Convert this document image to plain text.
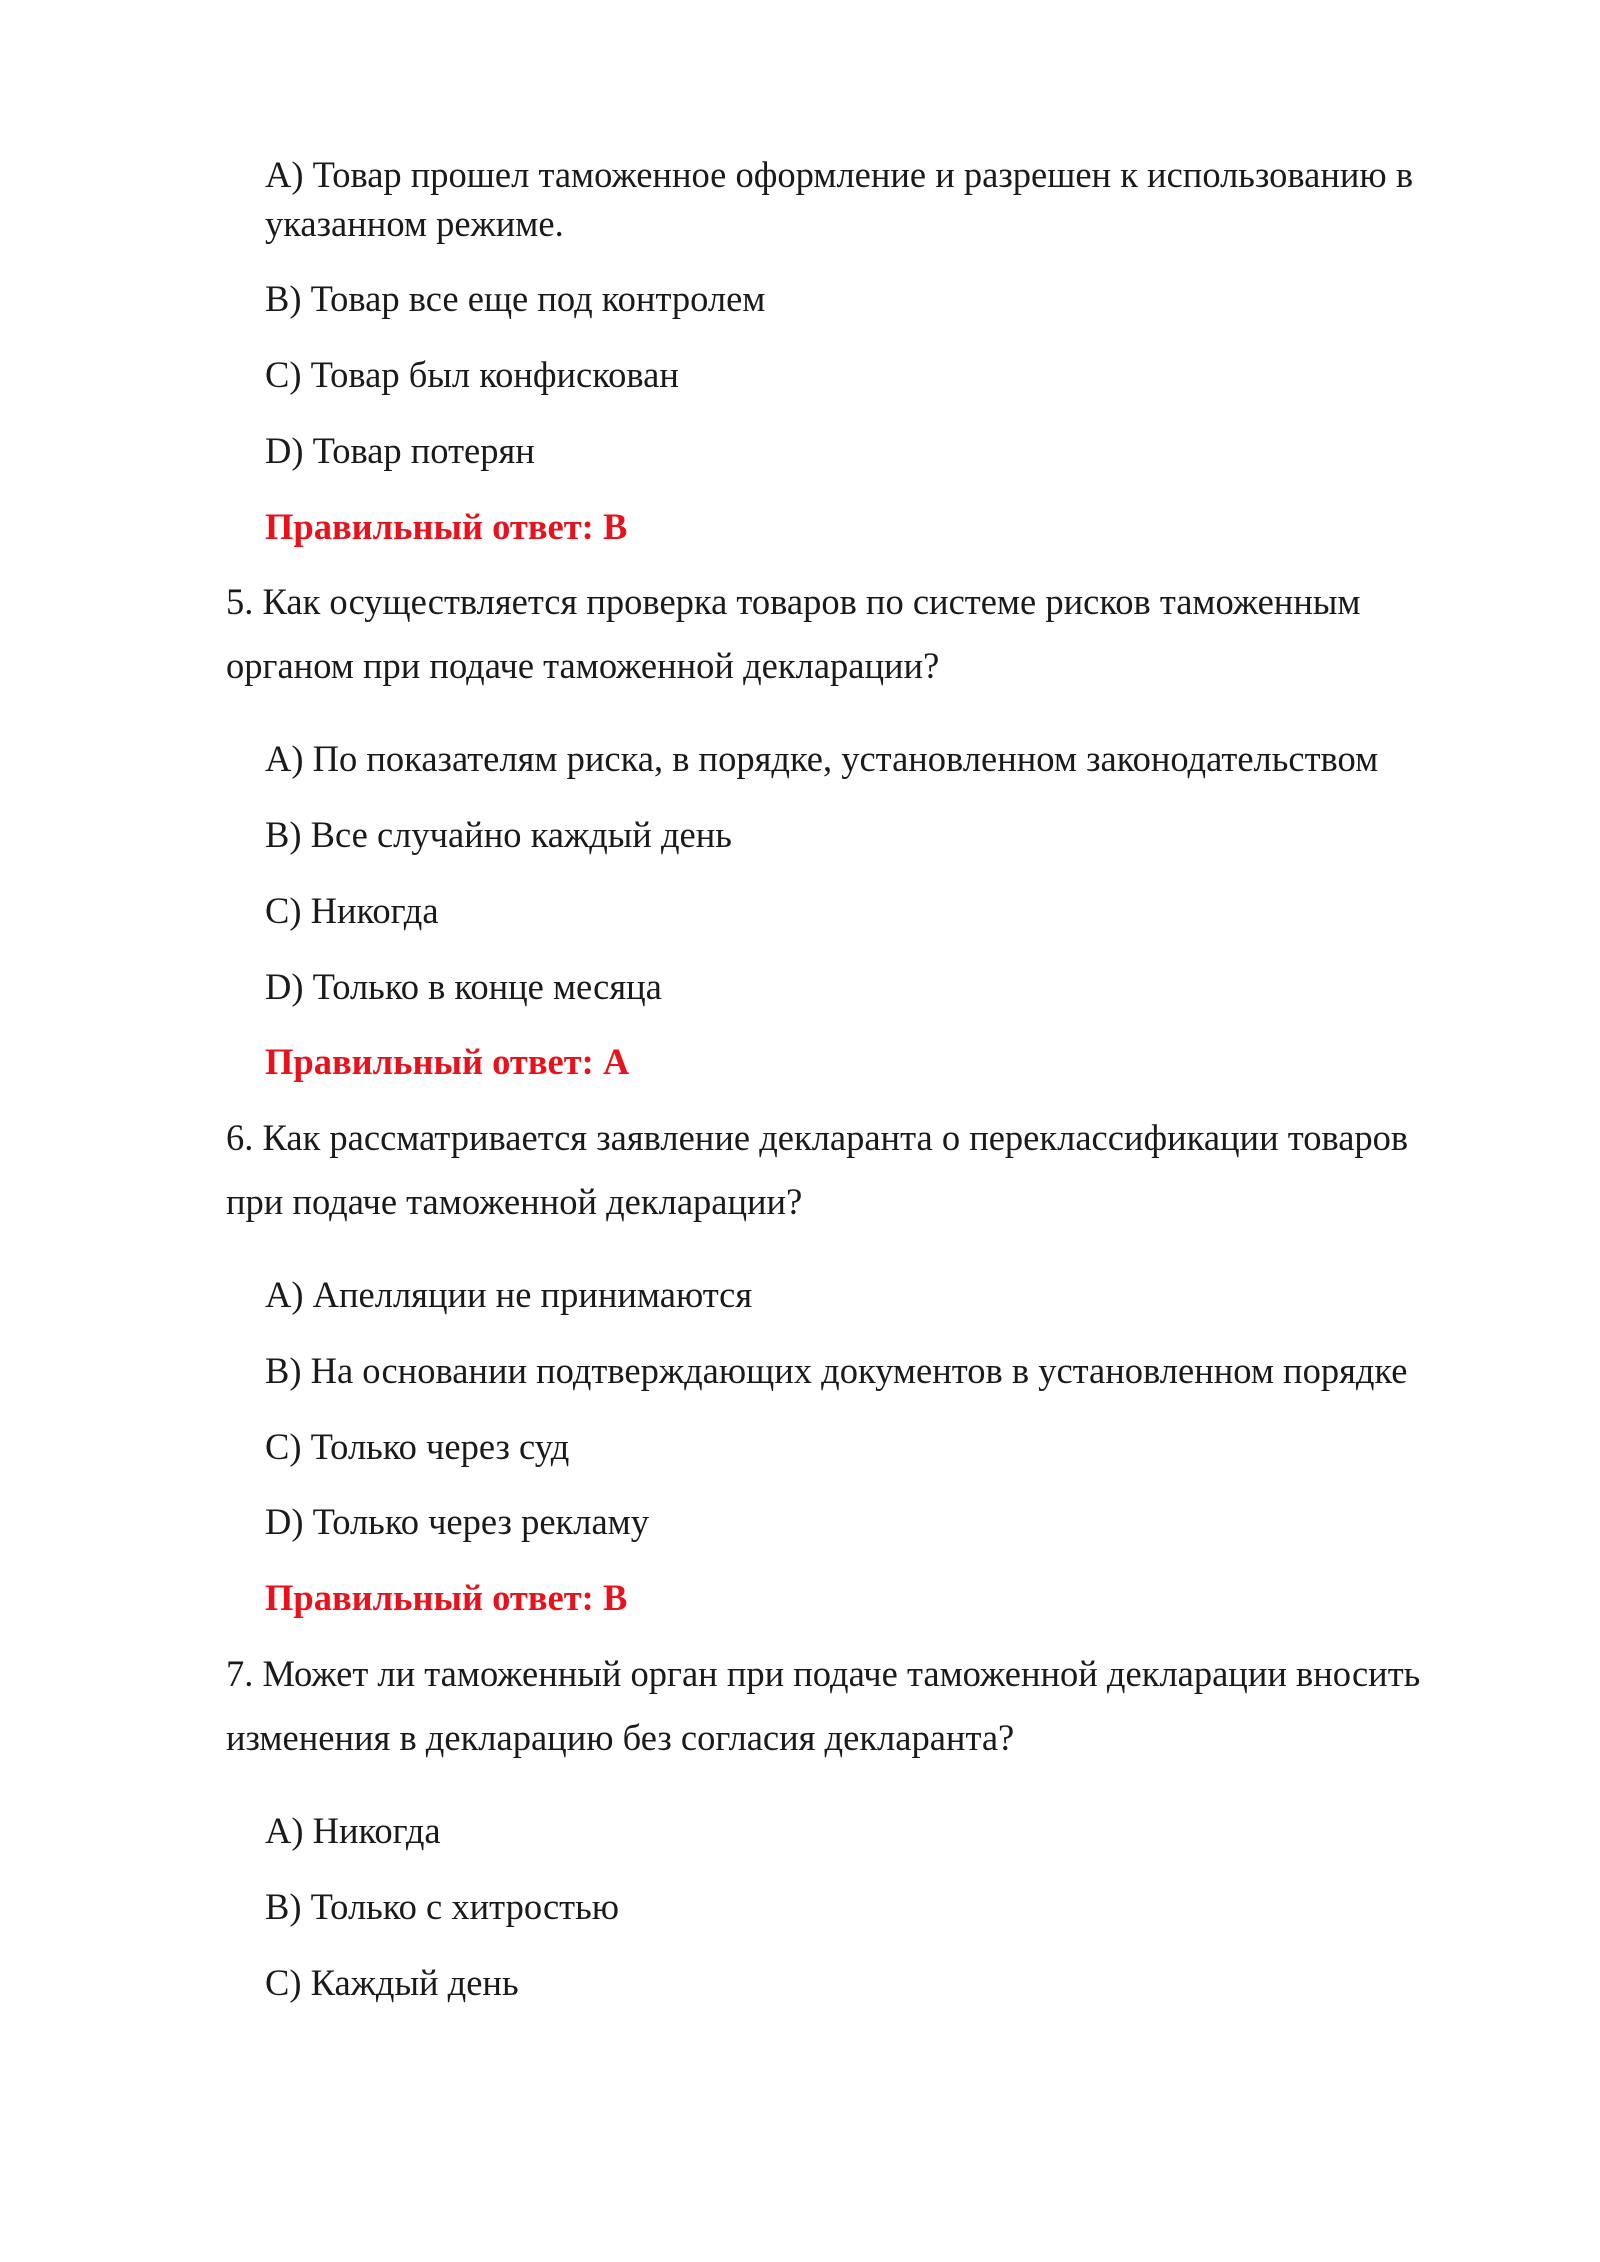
A) Товар прошел таможенное оформление и разрешен к использованию в
указанном режиме.
B) Товар все еще под контролем
C) Товар был конфискован
D) Товар потерян
Правильный ответ: B
5. Как осуществляется проверка товаров по системе рисков таможенным
органом при подаче таможенной декларации?
A) По показателям риска, в порядке, установленном законодательством
B) Все случайно каждый день
C) Никогда
D) Только в конце месяца
Правильный ответ: A
6. Как рассматривается заявление декларанта о переклассификации товаров
при подаче таможенной декларации?
A) Апелляции не принимаются
B) На основании подтверждающих документов в установленном порядке
C) Только через суд
D) Только через рекламу
Правильный ответ: B
7. Может ли таможенный орган при подаче таможенной декларации вносить
изменения в декларацию без согласия декларанта?
A) Никогда
B) Только с хитростью
C) Каждый день
